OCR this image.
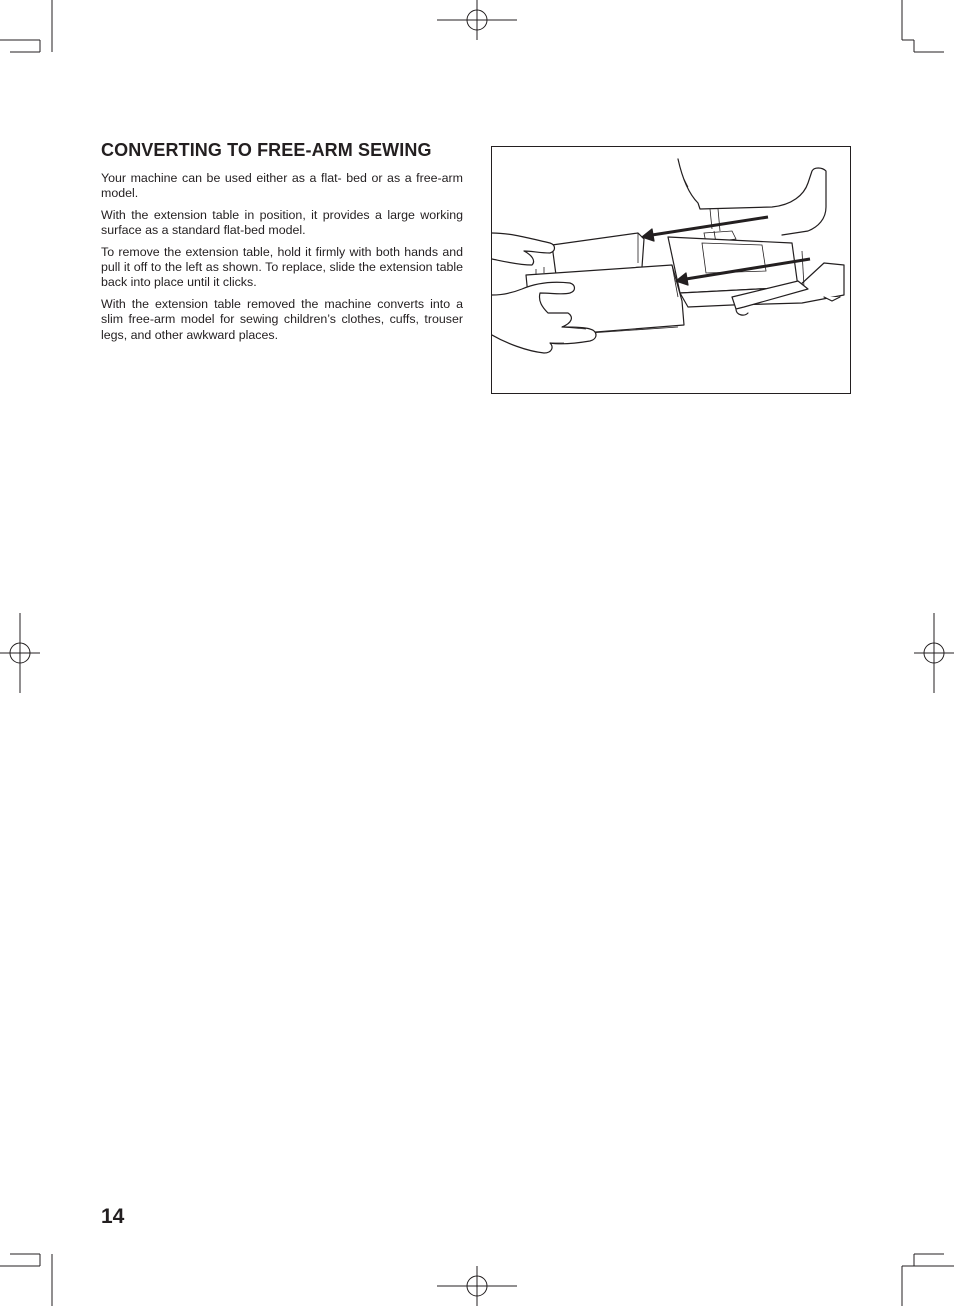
CONVERTING TO FREE-ARM SEWING

Your machine can be used either as a flat- bed or as a free-arm model.

With the extension table in position, it provides a large working surface as a standard flat-bed model.

To remove the extension table, hold it firmly with both hands and pull it off to the left as shown. To replace, slide the extension table back into place until it clicks.

With the extension table removed the machine converts into a slim free-arm model for sewing children’s clothes, cuffs, trouser legs, and other awkward places.

14
